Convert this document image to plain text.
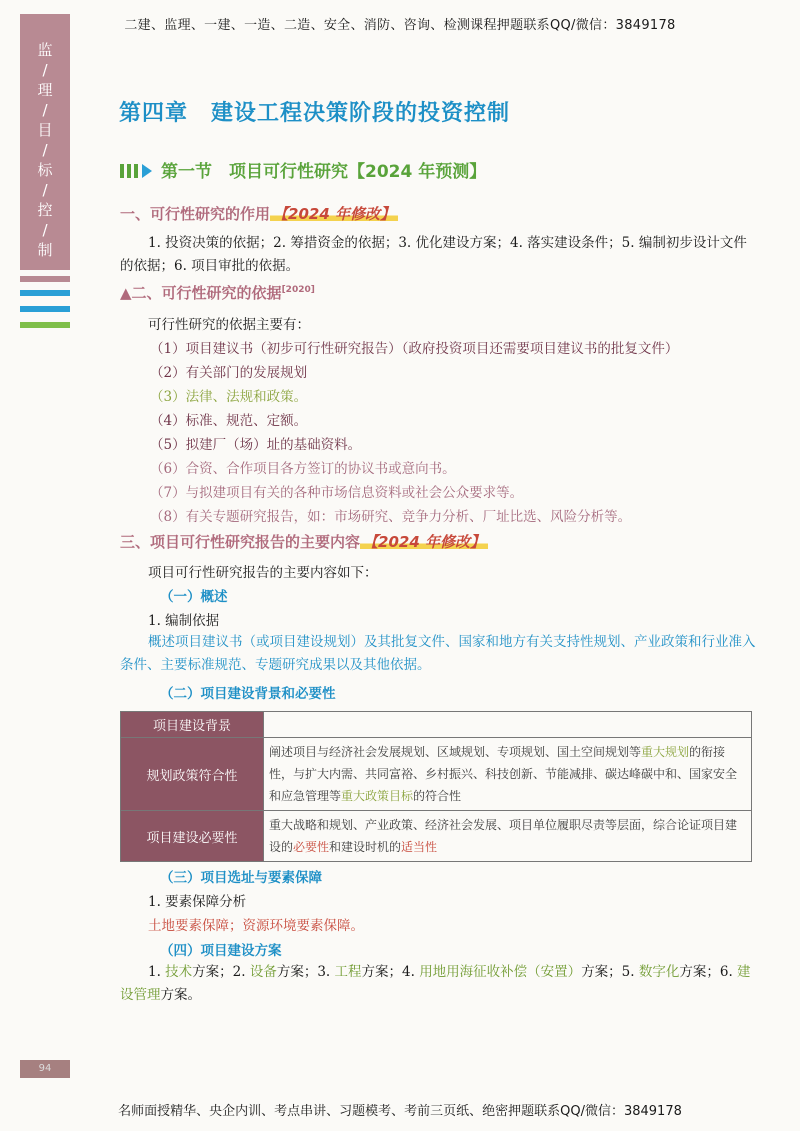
二建、监理、一建、一造、二造、安全、消防、咨询、检测课程押题联系QQ/微信：3849178
监
/
理
/
目
/
标
/
控
/
制
第四章　建设工程决策阶段的投资控制
第一节　项目可行性研究【2024 年预测】
一、可行性研究的作用 【2024 年修改】
1. 投资决策的依据；2. 筹措资金的依据；3. 优化建设方案；4. 落实建设条件；5. 编制初步设计文件的依据；6. 项目审批的依据。
▲二、可行性研究的依据[2020]
可行性研究的依据主要有：
（1）项目建议书（初步可行性研究报告）（政府投资项目还需要项目建议书的批复文件）
（2）有关部门的发展规划
（3）法律、法规和政策。
（4）标准、规范、定额。
（5）拟建厂（场）址的基础资料。
（6）合资、合作项目各方签订的协议书或意向书。
（7）与拟建项目有关的各种市场信息资料或社会公众要求等。
（8）有关专题研究报告，如：市场研究、竞争力分析、厂址比选、风险分析等。
三、项目可行性研究报告的主要内容 【2024 年修改】
项目可行性研究报告的主要内容如下：
（一）概述
1. 编制依据
概述项目建议书（或项目建设规划）及其批复文件、国家和地方有关支持性规划、产业政策和行业准入条件、主要标准规范、专题研究成果以及其他依据。
（二）项目建设背景和必要性
项目建设背景	
规划政策符合性	阐述项目与经济社会发展规划、区域规划、专项规划、国土空间规划等重大规划的衔接性，与扩大内需、共同富裕、乡村振兴、科技创新、节能减排、碳达峰碳中和、国家安全和应急管理等重大政策目标的符合性
项目建设必要性	重大战略和规划、产业政策、经济社会发展、项目单位履职尽责等层面，综合论证项目建设的必要性和建设时机的适当性
（三）项目选址与要素保障
1. 要素保障分析
土地要素保障；资源环境要素保障。
（四）项目建设方案
1. 技术方案；2. 设备方案；3. 工程方案；4. 用地用海征收补偿（安置）方案；5. 数字化方案；6. 建设管理方案。
94
名师面授精华、央企内训、考点串讲、习题模考、考前三页纸、绝密押题联系QQ/微信：3849178
